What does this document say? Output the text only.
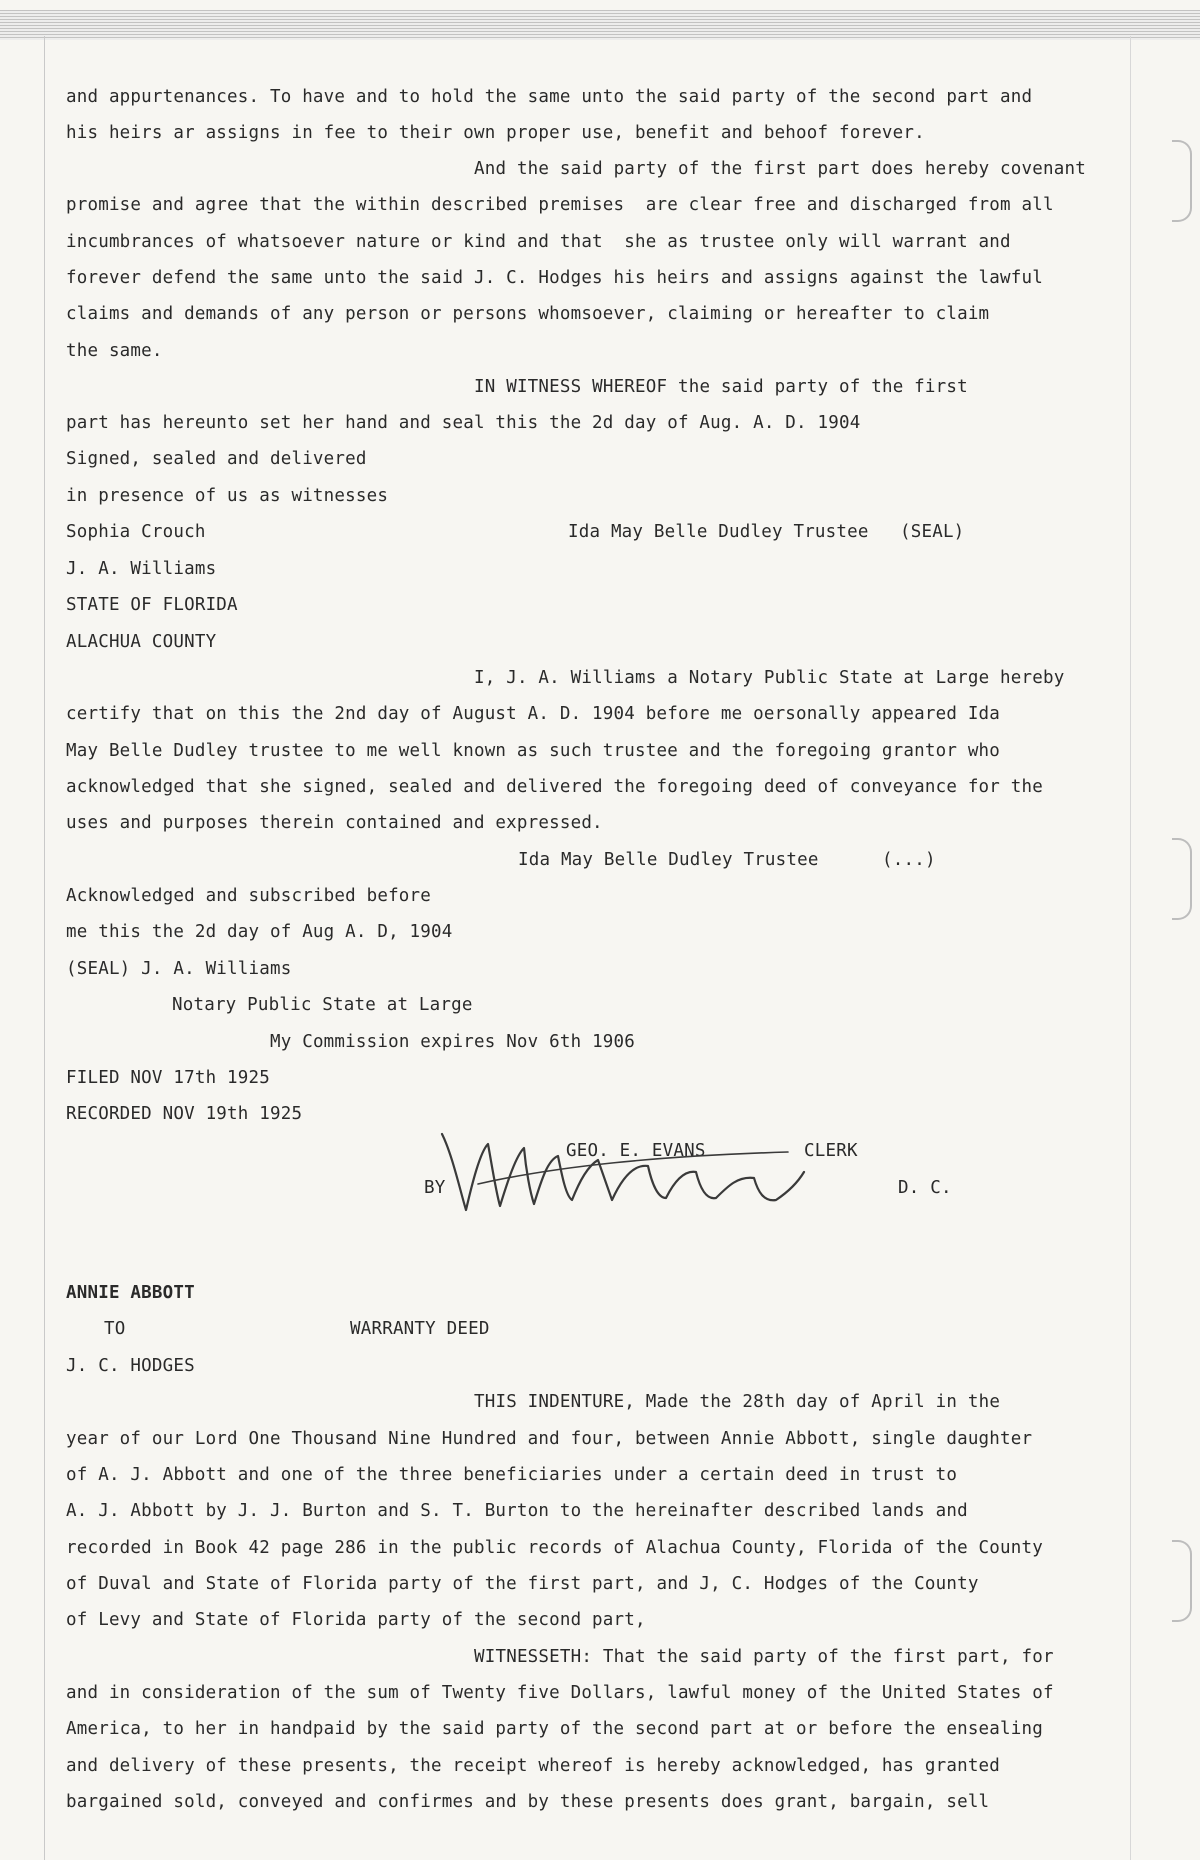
and appurtenances. To have and to hold the same unto the said party of the second part and
his heirs ar assigns in fee to their own proper use, benefit and behoof forever.
And the said party of the first part does hereby covenant
promise and agree that the within described premises  are clear free and discharged from all
incumbrances of whatsoever nature or kind and that  she as trustee only will warrant and
forever defend the same unto the said J. C. Hodges his heirs and assigns against the lawful
claims and demands of any person or persons whomsoever, claiming or hereafter to claim
the same.
IN WITNESS WHEREOF the said party of the first
part has hereunto set her hand and seal this the 2d day of Aug. A. D. 1904
Signed, sealed and delivered
in presence of us as witnesses
Sophia Crouch	Ida May Belle Dudley Trustee (SEAL)
J. A. Williams
STATE OF FLORIDA
ALACHUA COUNTY
I, J. A. Williams a Notary Public State at Large hereby
certify that on this the 2nd day of August A. D. 1904 before me oersonally appeared Ida
May Belle Dudley trustee to me well known as such trustee and the foregoing grantor who
acknowledged that she signed, sealed and delivered the foregoing deed of conveyance for the
uses and purposes therein contained and expressed.
Ida May Belle Dudley Trustee	(...)
Acknowledged and subscribed before
me this the 2d day of Aug A. D, 1904
(SEAL) J. A. Williams
Notary Public State at Large
My Commission expires Nov 6th 1906
FILED NOV 17th 1925
RECORDED NOV 19th 1925
GEO. E. EVANS	CLERK
BY	D. C.
ANNIE ABBOTT
TO	WARRANTY DEED
J. C. HODGES
THIS INDENTURE, Made the 28th day of April in the
year of our Lord One Thousand Nine Hundred and four, between Annie Abbott, single daughter
of A. J. Abbott and one of the three beneficiaries under a certain deed in trust to
A. J. Abbott by J. J. Burton and S. T. Burton to the hereinafter described lands and
recorded in Book 42 page 286 in the public records of Alachua County, Florida of the County
of Duval and State of Florida party of the first part, and J, C. Hodges of the County
of Levy and State of Florida party of the second part,
WITNESSETH: That the said party of the first part, for
and in consideration of the sum of Twenty five Dollars, lawful money of the United States of
America, to her in handpaid by the said party of the second part at or before the ensealing
and delivery of these presents, the receipt whereof is hereby acknowledged, has granted
bargained sold, conveyed and confirmes and by these presents does grant, bargain, sell
